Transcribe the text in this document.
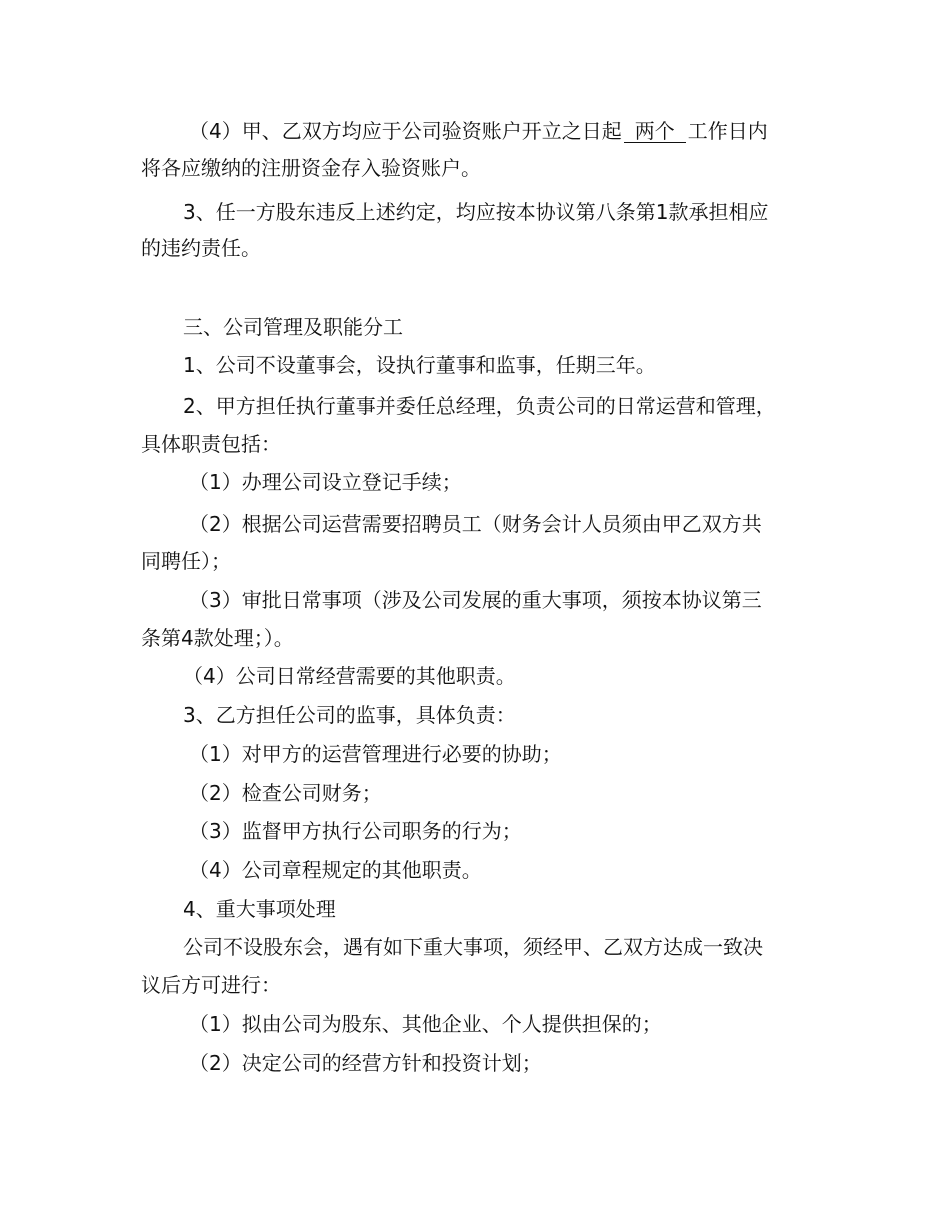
（4）甲、乙双方均应于公司验资账户开立之日起 两个 工作日内
将各应缴纳的注册资金存入验资账户。
3、任一方股东违反上述约定，均应按本协议第八条第1款承担相应
的违约责任。
三、公司管理及职能分工
1、公司不设董事会，设执行董事和监事，任期三年。
2、甲方担任执行董事并委任总经理，负责公司的日常运营和管理，
具体职责包括：
（1）办理公司设立登记手续；
（2）根据公司运营需要招聘员工（财务会计人员须由甲乙双方共
同聘任）；
（3）审批日常事项（涉及公司发展的重大事项，须按本协议第三
条第4款处理；）。
（4）公司日常经营需要的其他职责。
3、乙方担任公司的监事，具体负责：
（1）对甲方的运营管理进行必要的协助；
（2）检查公司财务；
（3）监督甲方执行公司职务的行为；
（4）公司章程规定的其他职责。
4、重大事项处理
公司不设股东会，遇有如下重大事项，须经甲、乙双方达成一致决
议后方可进行：
（1）拟由公司为股东、其他企业、个人提供担保的；
（2）决定公司的经营方针和投资计划；
